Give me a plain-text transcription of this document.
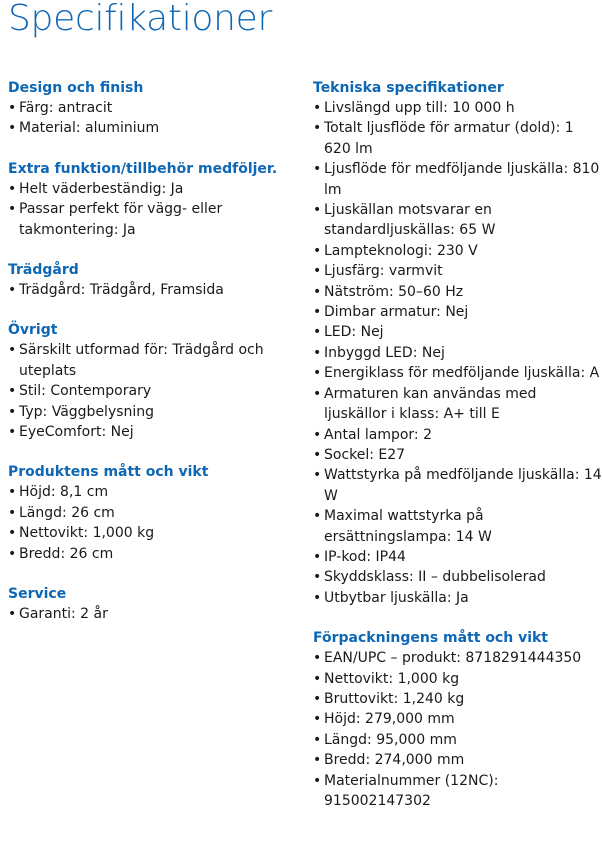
Specifikationer
Design och finish
• Färg: antracit
• Material: aluminium
Extra funktion/tillbehör medföljer.
• Helt väderbeständig: Ja
• Passar perfekt för vägg- eller takmontering: Ja
Trädgård
• Trädgård: Trädgård, Framsida
Övrigt
• Särskilt utformad för: Trädgård och uteplats
• Stil: Contemporary
• Typ: Väggbelysning
• EyeComfort: Nej
Produktens mått och vikt
• Höjd: 8,1 cm
• Längd: 26 cm
• Nettovikt: 1,000 kg
• Bredd: 26 cm
Service
• Garanti: 2 år
Tekniska specifikationer
• Livslängd upp till: 10 000 h
• Totalt ljusflöde för armatur (dold): 1 620 lm
• Ljusflöde för medföljande ljuskälla: 810 lm
• Ljuskällan motsvarar en standardljuskällas: 65 W
• Lampteknologi: 230 V
• Ljusfärg: varmvit
• Nätström: 50–60 Hz
• Dimbar armatur: Nej
• LED: Nej
• Inbyggd LED: Nej
• Energiklass för medföljande ljuskälla: A
• Armaturen kan användas med ljuskällor i klass: A+ till E
• Antal lampor: 2
• Sockel: E27
• Wattstyrka på medföljande ljuskälla: 14 W
• Maximal wattstyrka på ersättningslampa: 14 W
• IP-kod: IP44
• Skyddsklass: II – dubbelisolerad
• Utbytbar ljuskälla: Ja
Förpackningens mått och vikt
• EAN/UPC – produkt: 8718291444350
• Nettovikt: 1,000 kg
• Bruttovikt: 1,240 kg
• Höjd: 279,000 mm
• Längd: 95,000 mm
• Bredd: 274,000 mm
• Materialnummer (12NC): 915002147302
